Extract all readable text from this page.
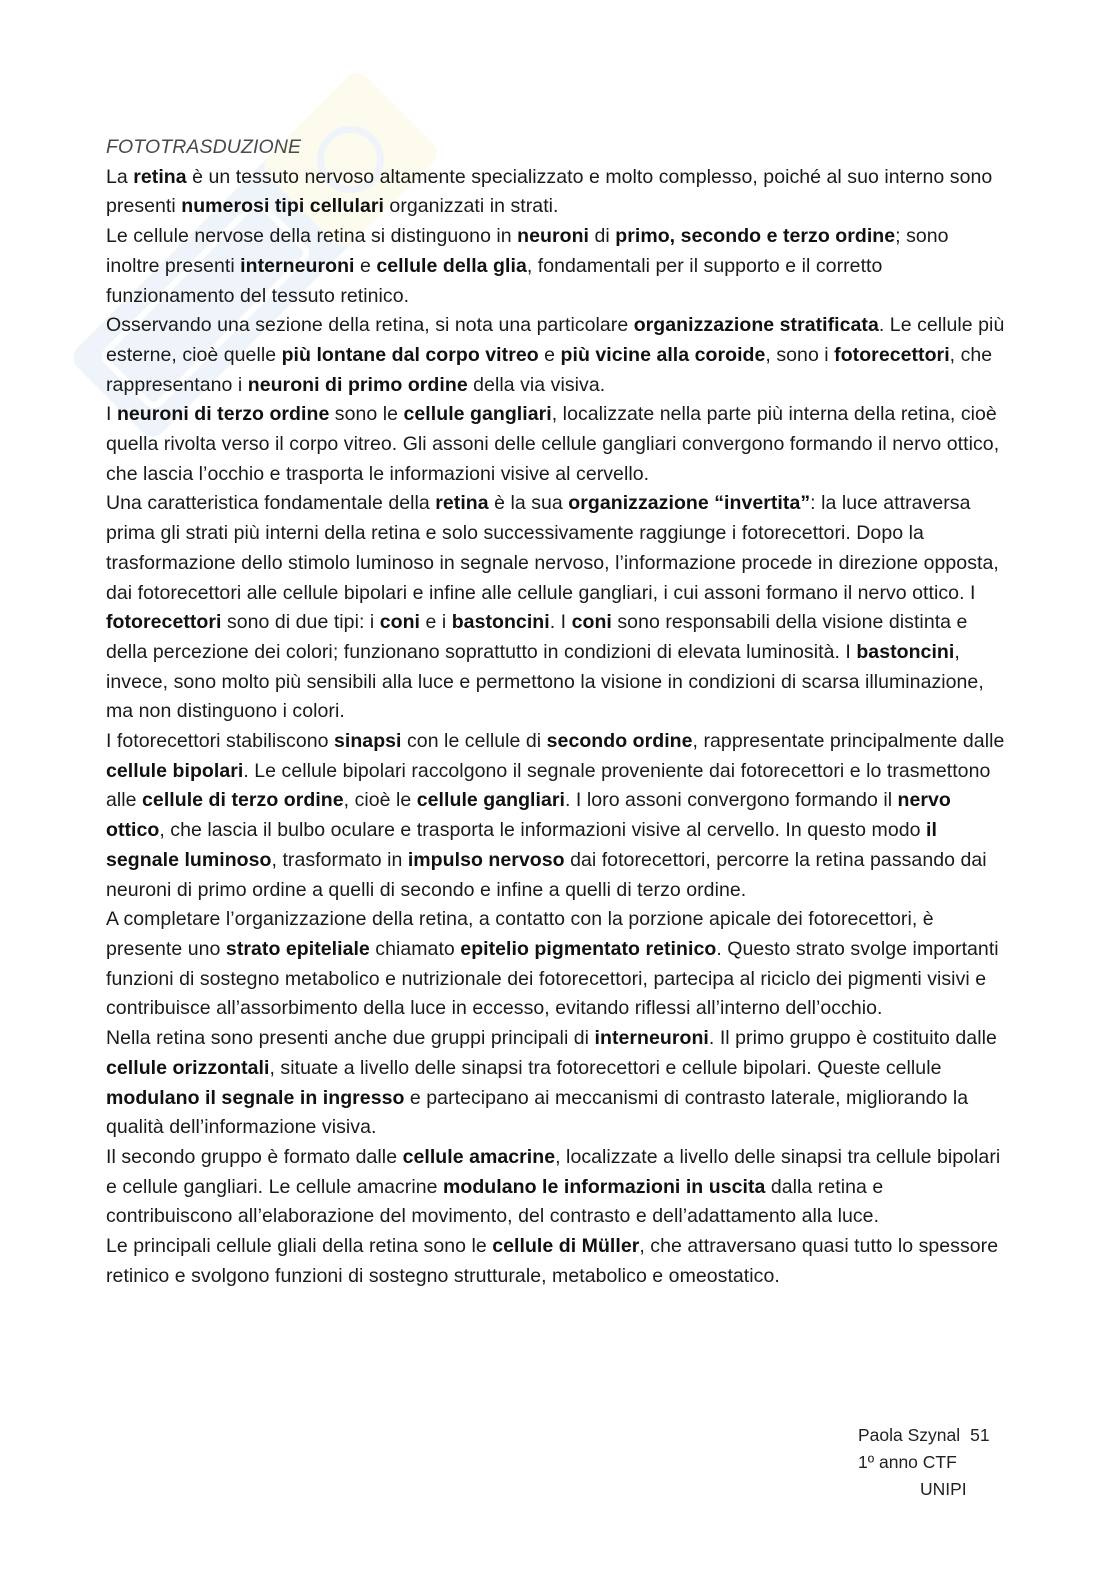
FOTOTRASDUZIONE

La retina è un tessuto nervoso altamente specializzato e molto complesso, poiché al suo interno sono presenti numerosi tipi cellulari organizzati in strati.

Le cellule nervose della retina si distinguono in neuroni di primo, secondo e terzo ordine; sono inoltre presenti interneuroni e cellule della glia, fondamentali per il supporto e il corretto funzionamento del tessuto retinico.

Osservando una sezione della retina, si nota una particolare organizzazione stratificata. Le cellule più esterne, cioè quelle più lontane dal corpo vitreo e più vicine alla coroide, sono i fotorecettori, che rappresentano i neuroni di primo ordine della via visiva.

I neuroni di terzo ordine sono le cellule gangliari, localizzate nella parte più interna della retina, cioè quella rivolta verso il corpo vitreo. Gli assoni delle cellule gangliari convergono formando il nervo ottico, che lascia l’occhio e trasporta le informazioni visive al cervello.

Una caratteristica fondamentale della retina è la sua organizzazione “invertita”: la luce attraversa prima gli strati più interni della retina e solo successivamente raggiunge i fotorecettori. Dopo la trasformazione dello stimolo luminoso in segnale nervoso, l’informazione procede in direzione opposta, dai fotorecettori alle cellule bipolari e infine alle cellule gangliari, i cui assoni formano il nervo ottico. I fotorecettori sono di due tipi: i coni e i bastoncini. I coni sono responsabili della visione distinta e della percezione dei colori; funzionano soprattutto in condizioni di elevata luminosità. I bastoncini, invece, sono molto più sensibili alla luce e permettono la visione in condizioni di scarsa illuminazione, ma non distinguono i colori.

I fotorecettori stabiliscono sinapsi con le cellule di secondo ordine, rappresentate principalmente dalle cellule bipolari. Le cellule bipolari raccolgono il segnale proveniente dai fotorecettori e lo trasmettono alle cellule di terzo ordine, cioè le cellule gangliari. I loro assoni convergono formando il nervo ottico, che lascia il bulbo oculare e trasporta le informazioni visive al cervello. In questo modo il segnale luminoso, trasformato in impulso nervoso dai fotorecettori, percorre la retina passando dai neuroni di primo ordine a quelli di secondo e infine a quelli di terzo ordine.

A completare l’organizzazione della retina, a contatto con la porzione apicale dei fotorecettori, è presente uno strato epiteliale chiamato epitelio pigmentato retinico. Questo strato svolge importanti funzioni di sostegno metabolico e nutrizionale dei fotorecettori, partecipa al riciclo dei pigmenti visivi e contribuisce all’assorbimento della luce in eccesso, evitando riflessi all’interno dell’occhio.

Nella retina sono presenti anche due gruppi principali di interneuroni. Il primo gruppo è costituito dalle cellule orizzontali, situate a livello delle sinapsi tra fotorecettori e cellule bipolari. Queste cellule modulano il segnale in ingresso e partecipano ai meccanismi di contrasto laterale, migliorando la qualità dell’informazione visiva.

Il secondo gruppo è formato dalle cellule amacrine, localizzate a livello delle sinapsi tra cellule bipolari e cellule gangliari. Le cellule amacrine modulano le informazioni in uscita dalla retina e contribuiscono all’elaborazione del movimento, del contrasto e dell’adattamento alla luce.

Le principali cellule gliali della retina sono le cellule di Müller, che attraversano quasi tutto lo spessore retinico e svolgono funzioni di sostegno strutturale, metabolico e omeostatico.

Paola Szynal 51
1º anno CTF
UNIPI
